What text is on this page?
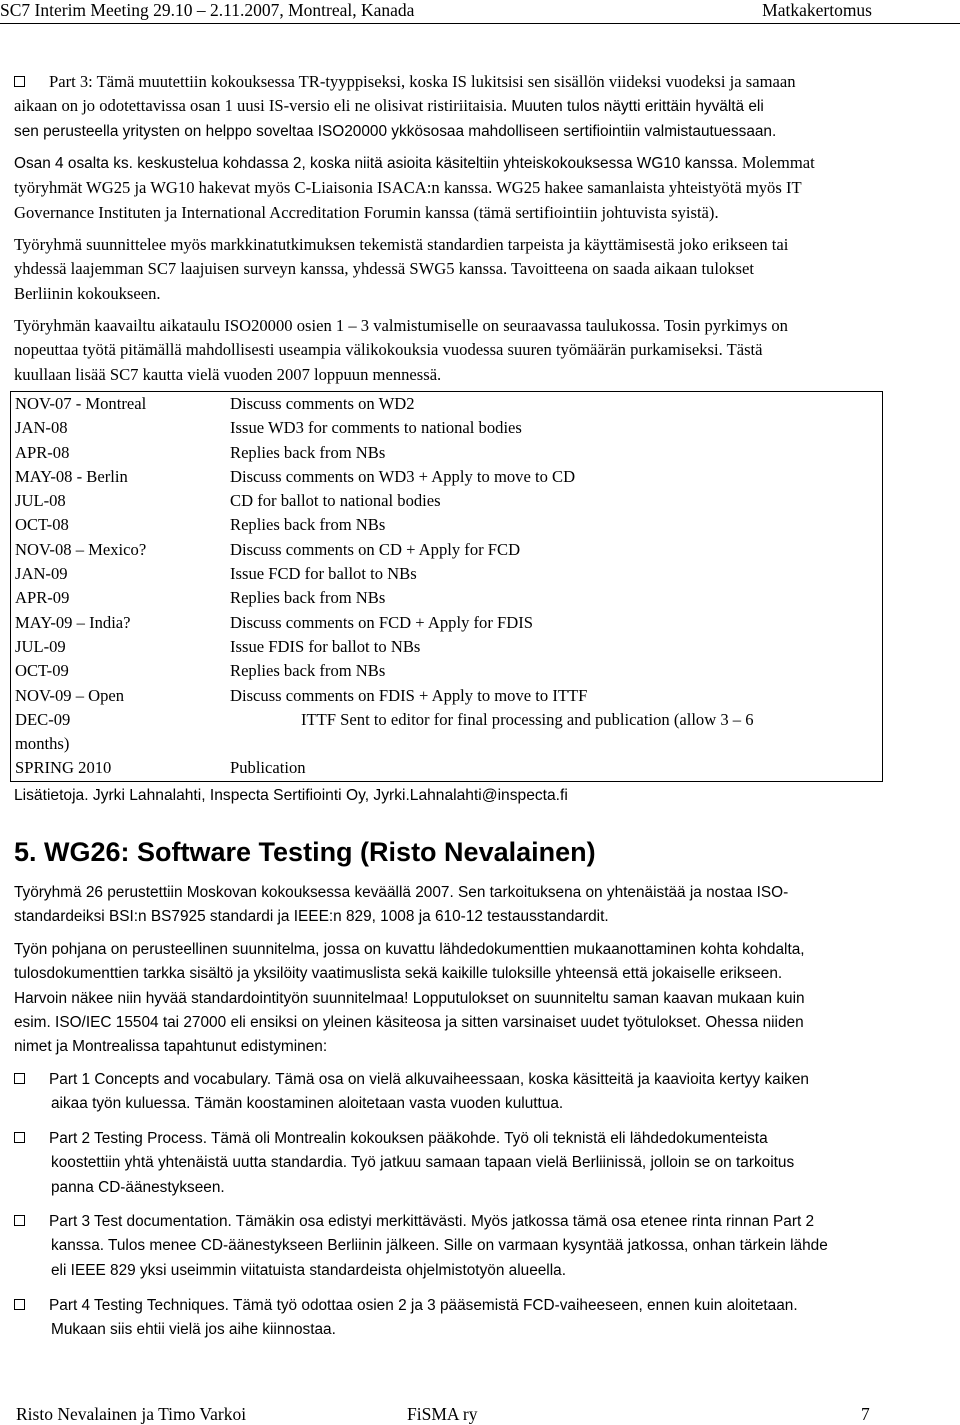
SC7 Interim Meeting 29.10 – 2.11.2007, Montreal, Kanada	Matkakertomus
Part 3: Tämä muutettiin kokouksessa TR-tyyppiseksi, koska IS lukitsisi sen sisällön viideksi vuodeksi ja samaan
aikaan on jo odotettavissa osan 1 uusi IS-versio eli ne olisivat ristiriitaisia. Muuten tulos näytti erittäin hyvältä eli
sen perusteella yritysten on helppo soveltaa ISO20000 ykkösosaa mahdolliseen sertifiointiin valmistautuessaan.
Osan 4 osalta ks. keskustelua kohdassa 2, koska niitä asioita käsiteltiin yhteiskokouksessa WG10 kanssa. Molemmat
työryhmät WG25 ja WG10 hakevat myös C-Liaisonia ISACA:n kanssa. WG25 hakee samanlaista yhteistyötä myös IT
Governance Instituten ja International Accreditation Forumin kanssa (tämä sertifiointiin johtuvista syistä).
Työryhmä suunnittelee myös markkinatutkimuksen tekemistä standardien tarpeista ja käyttämisestä joko erikseen tai
yhdessä laajemman SC7 laajuisen surveyn kanssa, yhdessä SWG5 kanssa. Tavoitteena on saada aikaan tulokset
Berliinin kokoukseen.
Työryhmän kaavailtu aikataulu ISO20000 osien 1 – 3 valmistumiselle on seuraavassa taulukossa. Tosin pyrkimys on
nopeuttaa työtä pitämällä mahdollisesti useampia välikokouksia vuodessa suuren työmäärän purkamiseksi. Tästä
kuullaan lisää SC7 kautta vielä vuoden 2007 loppuun mennessä.
NOV-07 - Montreal	Discuss comments on WD2
JAN-08	Issue WD3 for comments to national bodies
APR-08	Replies back from NBs
MAY-08 - Berlin	Discuss comments on WD3 + Apply to move to CD
JUL-08	CD for ballot to national bodies
OCT-08	Replies back from NBs
NOV-08 – Mexico?	Discuss comments on CD + Apply for FCD
JAN-09	Issue FCD for ballot to NBs
APR-09	Replies back from NBs
MAY-09 – India?	Discuss comments on FCD + Apply for FDIS
JUL-09	Issue FDIS for ballot to NBs
OCT-09	Replies back from NBs
NOV-09 – Open	Discuss comments on FDIS + Apply to move to ITTF

DEC-09 ITTF Sent to editor for final processing and publication (allow 3 – 6
months)	

SPRING 2010	Publication
Lisätietoja. Jyrki Lahnalahti, Inspecta Sertifiointi Oy, Jyrki.Lahnalahti@inspecta.fi
5. WG26: Software Testing (Risto Nevalainen)
Työryhmä 26 perustettiin Moskovan kokouksessa keväällä 2007. Sen tarkoituksena on yhtenäistää ja nostaa ISO-
standardeiksi BSI:n BS7925 standardi ja IEEE:n 829, 1008 ja 610-12 testausstandardit.
Työn pohjana on perusteellinen suunnitelma, jossa on kuvattu lähdedokumenttien mukaanottaminen kohta kohdalta,
tulosdokumenttien tarkka sisältö ja yksilöity vaatimuslista sekä kaikille tuloksille yhteensä että jokaiselle erikseen.
Harvoin näkee niin hyvää standardointityön suunnitelmaa! Lopputulokset on suunniteltu saman kaavan mukaan kuin
esim. ISO/IEC 15504 tai 27000 eli ensiksi on yleinen käsiteosa ja sitten varsinaiset uudet työtulokset. Ohessa niiden
nimet ja Montrealissa tapahtunut edistyminen:
Part 1 Concepts and vocabulary. Tämä osa on vielä alkuvaiheessaan, koska käsitteitä ja kaavioita kertyy kaiken
aikaa työn kuluessa. Tämän koostaminen aloitetaan vasta vuoden kuluttua.
Part 2 Testing Process. Tämä oli Montrealin kokouksen pääkohde. Työ oli teknistä eli lähdedokumenteista
koostettiin yhtä yhtenäistä uutta standardia. Työ jatkuu samaan tapaan vielä Berliinissä, jolloin se on tarkoitus
panna CD-äänestykseen.
Part 3 Test documentation. Tämäkin osa edistyi merkittävästi. Myös jatkossa tämä osa etenee rinta rinnan Part 2
kanssa. Tulos menee CD-äänestykseen Berliinin jälkeen. Sille on varmaan kysyntää jatkossa, onhan tärkein lähde
eli IEEE 829 yksi useimmin viitatuista standardeista ohjelmistotyön alueella.
Part 4 Testing Techniques. Tämä työ odottaa osien 2 ja 3 pääsemistä FCD-vaiheeseen, ennen kuin aloitetaan.
Mukaan siis ehtii vielä jos aihe kiinnostaa.
Risto Nevalainen ja Timo Varkoi	FiSMA ry	7
